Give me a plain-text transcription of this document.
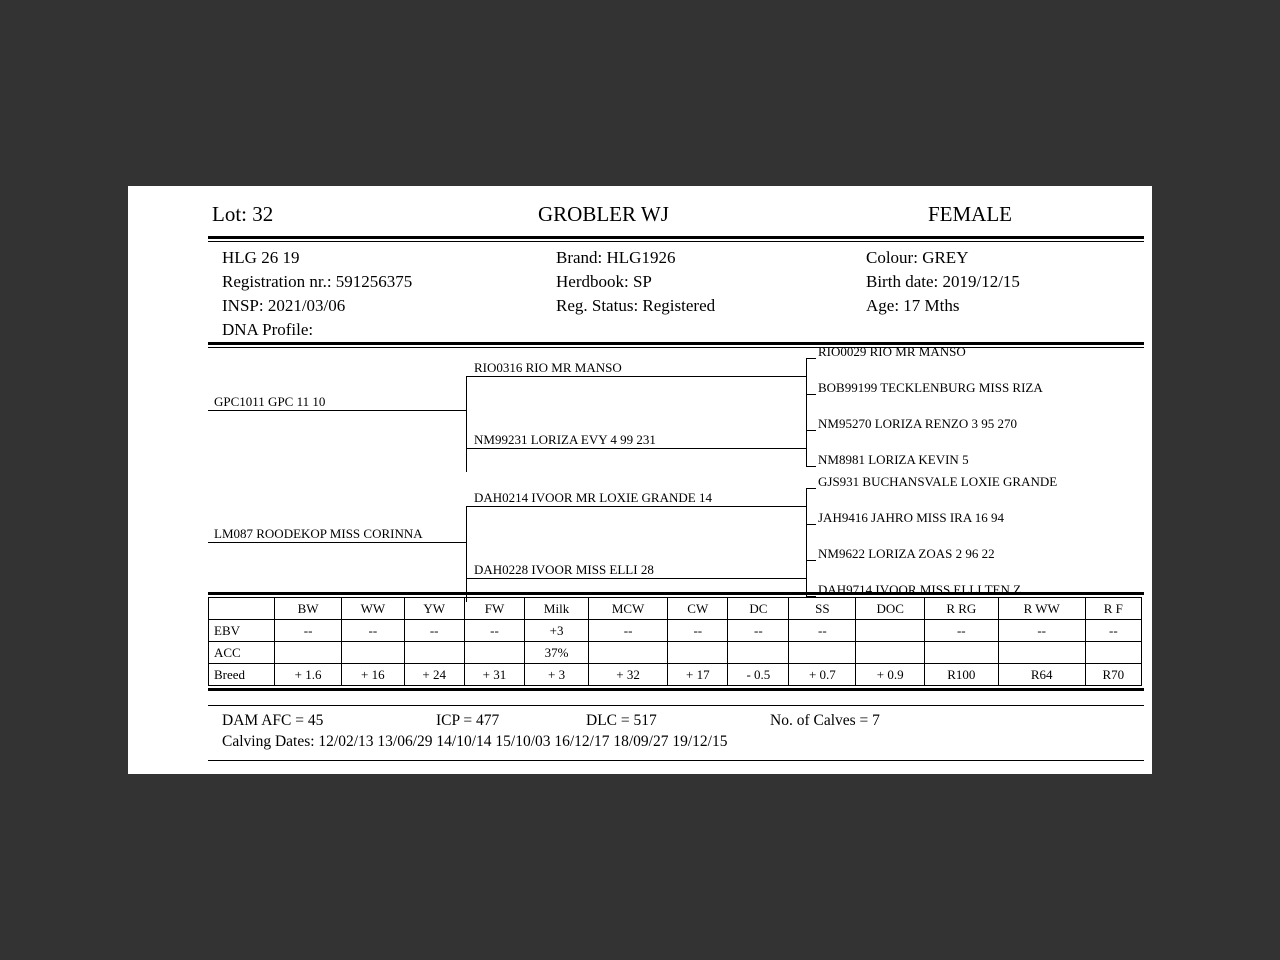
Lot: 32	GROBLER WJ	FEMALE
HLG 26 19
Registration nr.: 591256375
INSP: 2021/03/06
DNA Profile:
Brand: HLG1926
Herdbook: SP
Reg. Status: Registered
Colour: GREY
Birth date: 2019/12/15
Age: 17 Mths
GPC1011 GPC 11 10
LM087 ROODEKOP MISS CORINNA
RIO0316 RIO MR MANSO
NM99231 LORIZA EVY 4 99 231
DAH0214 IVOOR MR LOXIE GRANDE 14
DAH0228 IVOOR MISS ELLI 28
RIO0029 RIO MR MANSO
BOB99199 TECKLENBURG MISS RIZA
NM95270 LORIZA RENZO 3 95 270
NM8981 LORIZA KEVIN 5
GJS931 BUCHANSVALE LOXIE GRANDE
JAH9416 JAHRO MISS IRA 16 94
NM9622 LORIZA ZOAS 2 96 22
DAH9714 IVOOR MISS ELLI TEN Z
	BW	WW	YW	FW	Milk	MCW	CW	DC	SS	DOC	R RG	R WW	R F
EBV	--	--	--	--	+3	--	--	--	--		--	--	--
ACC					37%								
Breed	+ 1.6	+ 16	+ 24	+ 31	+ 3	+ 32	+ 17	- 0.5	+ 0.7	+ 0.9	R100	R64	R70
DAM AFC = 45	ICP = 477	DLC = 517	No. of Calves = 7
Calving Dates: 12/02/13 13/06/29 14/10/14 15/10/03 16/12/17 18/09/27 19/12/15
